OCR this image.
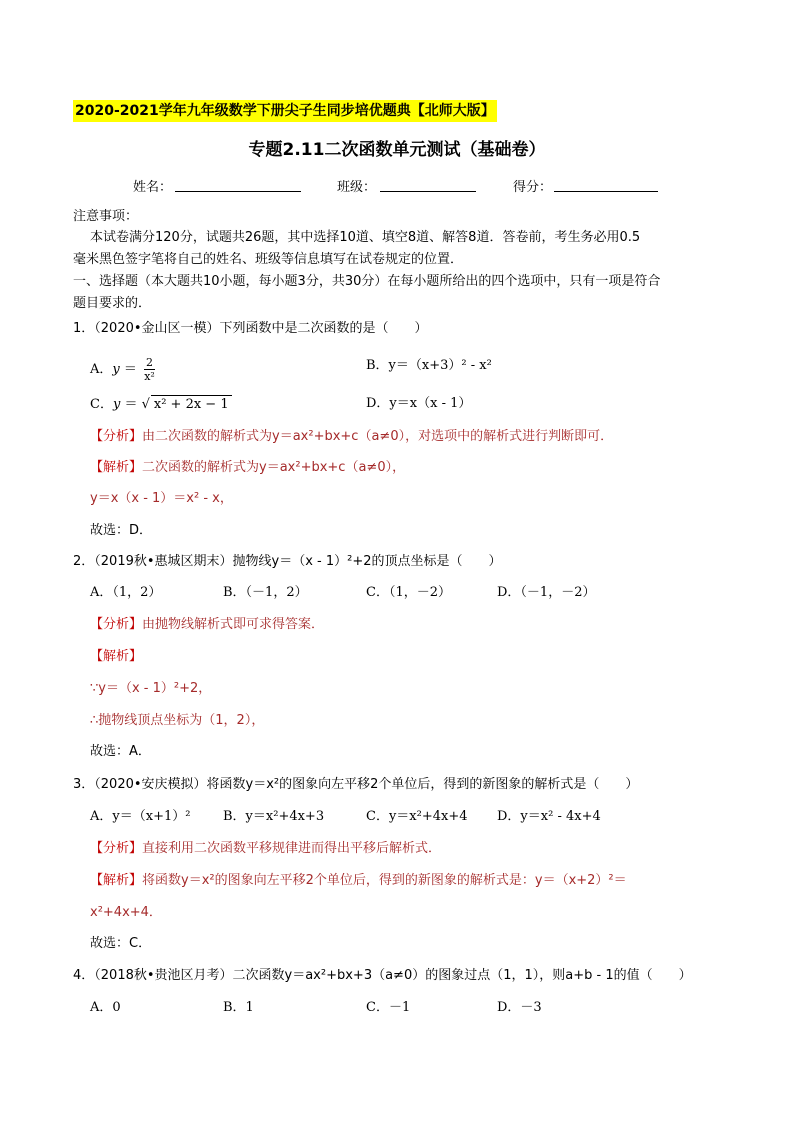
2020-2021学年九年级数学下册尖子生同步培优题典【北师大版】
专题2.11二次函数单元测试（基础卷）
姓名：	班级：	得分：
注意事项：
本试卷满分120分，试题共26题，其中选择10道、填空8道、解答8道．答卷前，考生务必用0.5
毫米黑色签字笔将自己的姓名、班级等信息填写在试卷规定的位置．
一、选择题（本大题共10小题，每小题3分，共30分）在每小题所给出的四个选项中，只有一项是符合
题目要求的．
1．（2020•金山区一模）下列函数中是二次函数的是（　　）
A．$y = \frac{2}{\text{x²}}$	B．y＝（x+3）² - x²
C．y ＝ √ x² + 2x − 1	D．y＝x（x - 1）
【分析】由二次函数的解析式为y＝ax²+bx+c（a≠0），对选项中的解析式进行判断即可．
【解析】二次函数的解析式为y＝ax²+bx+c（a≠0），
y＝x（x - 1）＝x² - x，
故选：D．
2．（2019秋•惠城区期末）抛物线y＝（x - 1）²+2的顶点坐标是（　　）
A．（1，2）	B．（－1，2）	C．（1，－2）	D．（－1，－2）
【分析】由抛物线解析式即可求得答案．
【解析】
∵y＝（x - 1）²+2，
∴抛物线顶点坐标为（1，2），
故选：A．
3．（2020•安庆模拟）将函数y＝x²的图象向左平移2个单位后，得到的新图象的解析式是（　　）
A．y＝（x+1）²	B．y＝x²+4x+3	C．y＝x²+4x+4 D．y＝x² - 4x+4
【分析】直接利用二次函数平移规律进而得出平移后解析式．
【解析】将函数y＝x²的图象向左平移2个单位后，得到的新图象的解析式是：y＝（x+2）²＝
x²+4x+4．
故选：C．
4．（2018秋•贵池区月考）二次函数y＝ax²+bx+3（a≠0）的图象过点（1，1），则a+b - 1的值（　　）
A．0	B．1	C．－1	D．－3
